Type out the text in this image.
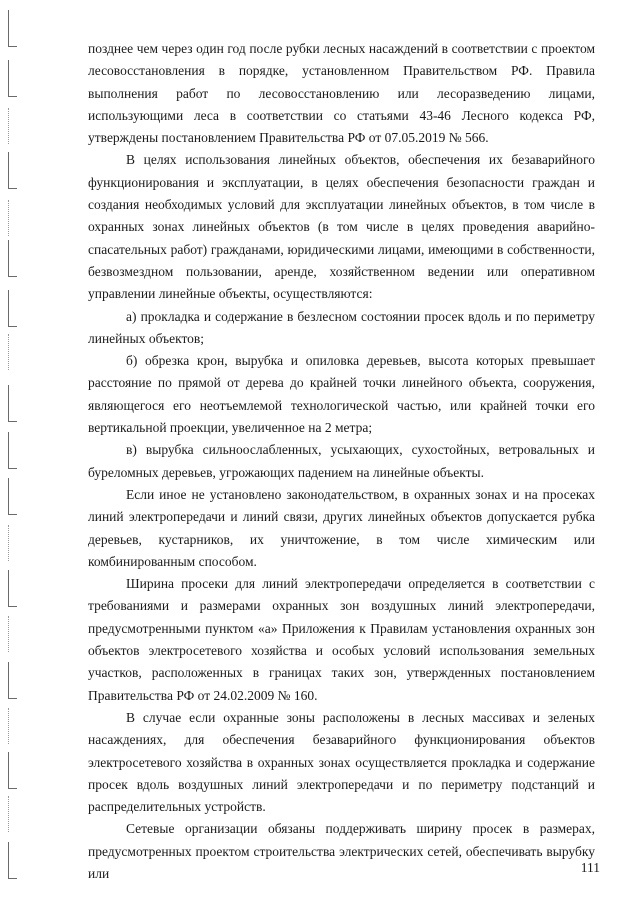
позднее чем через один год после рубки лесных насаждений в соответствии с проектом лесовосстановления в порядке, установленном Правительством РФ. Правила выполнения работ по лесовосстановлению или лесоразведению лицами, использующими леса в соответствии со статьями 43-46 Лесного кодекса РФ, утверждены постановлением Правительства РФ от 07.05.2019 № 566.

В целях использования линейных объектов, обеспечения их безаварийного функционирования и эксплуатации, в целях обеспечения безопасности граждан и создания необходимых условий для эксплуатации линейных объектов, в том числе в охранных зонах линейных объектов (в том числе в целях проведения аварийно-спасательных работ) гражданами, юридическими лицами, имеющими в собственности, безвозмездном пользовании, аренде, хозяйственном ведении или оперативном управлении линейные объекты, осуществляются:

а) прокладка и содержание в безлесном состоянии просек вдоль и по периметру линейных объектов;

б) обрезка крон, вырубка и опиловка деревьев, высота которых превышает расстояние по прямой от дерева до крайней точки линейного объекта, сооружения, являющегося его неотъемлемой технологической частью, или крайней точки его вертикальной проекции, увеличенное на 2 метра;

в) вырубка сильноослабленных, усыхающих, сухостойных, ветровальных и буреломных деревьев, угрожающих падением на линейные объекты.

Если иное не установлено законодательством, в охранных зонах и на просеках линий электропередачи и линий связи, других линейных объектов допускается рубка деревьев, кустарников, их уничтожение, в том числе химическим или комбинированным способом.

Ширина просеки для линий электропередачи определяется в соответствии с требованиями и размерами охранных зон воздушных линий электропередачи, предусмотренными пунктом «а» Приложения к Правилам установления охранных зон объектов электросетевого хозяйства и особых условий использования земельных участков, расположенных в границах таких зон, утвержденных постановлением Правительства РФ от 24.02.2009 № 160.

В случае если охранные зоны расположены в лесных массивах и зеленых насаждениях, для обеспечения безаварийного функционирования объектов электросетевого хозяйства в охранных зонах осуществляется прокладка и содержание просек вдоль воздушных линий электропередачи и по периметру подстанций и распределительных устройств.

Сетевые организации обязаны поддерживать ширину просек в размерах, предусмотренных проектом строительства электрических сетей, обеспечивать вырубку или	111
